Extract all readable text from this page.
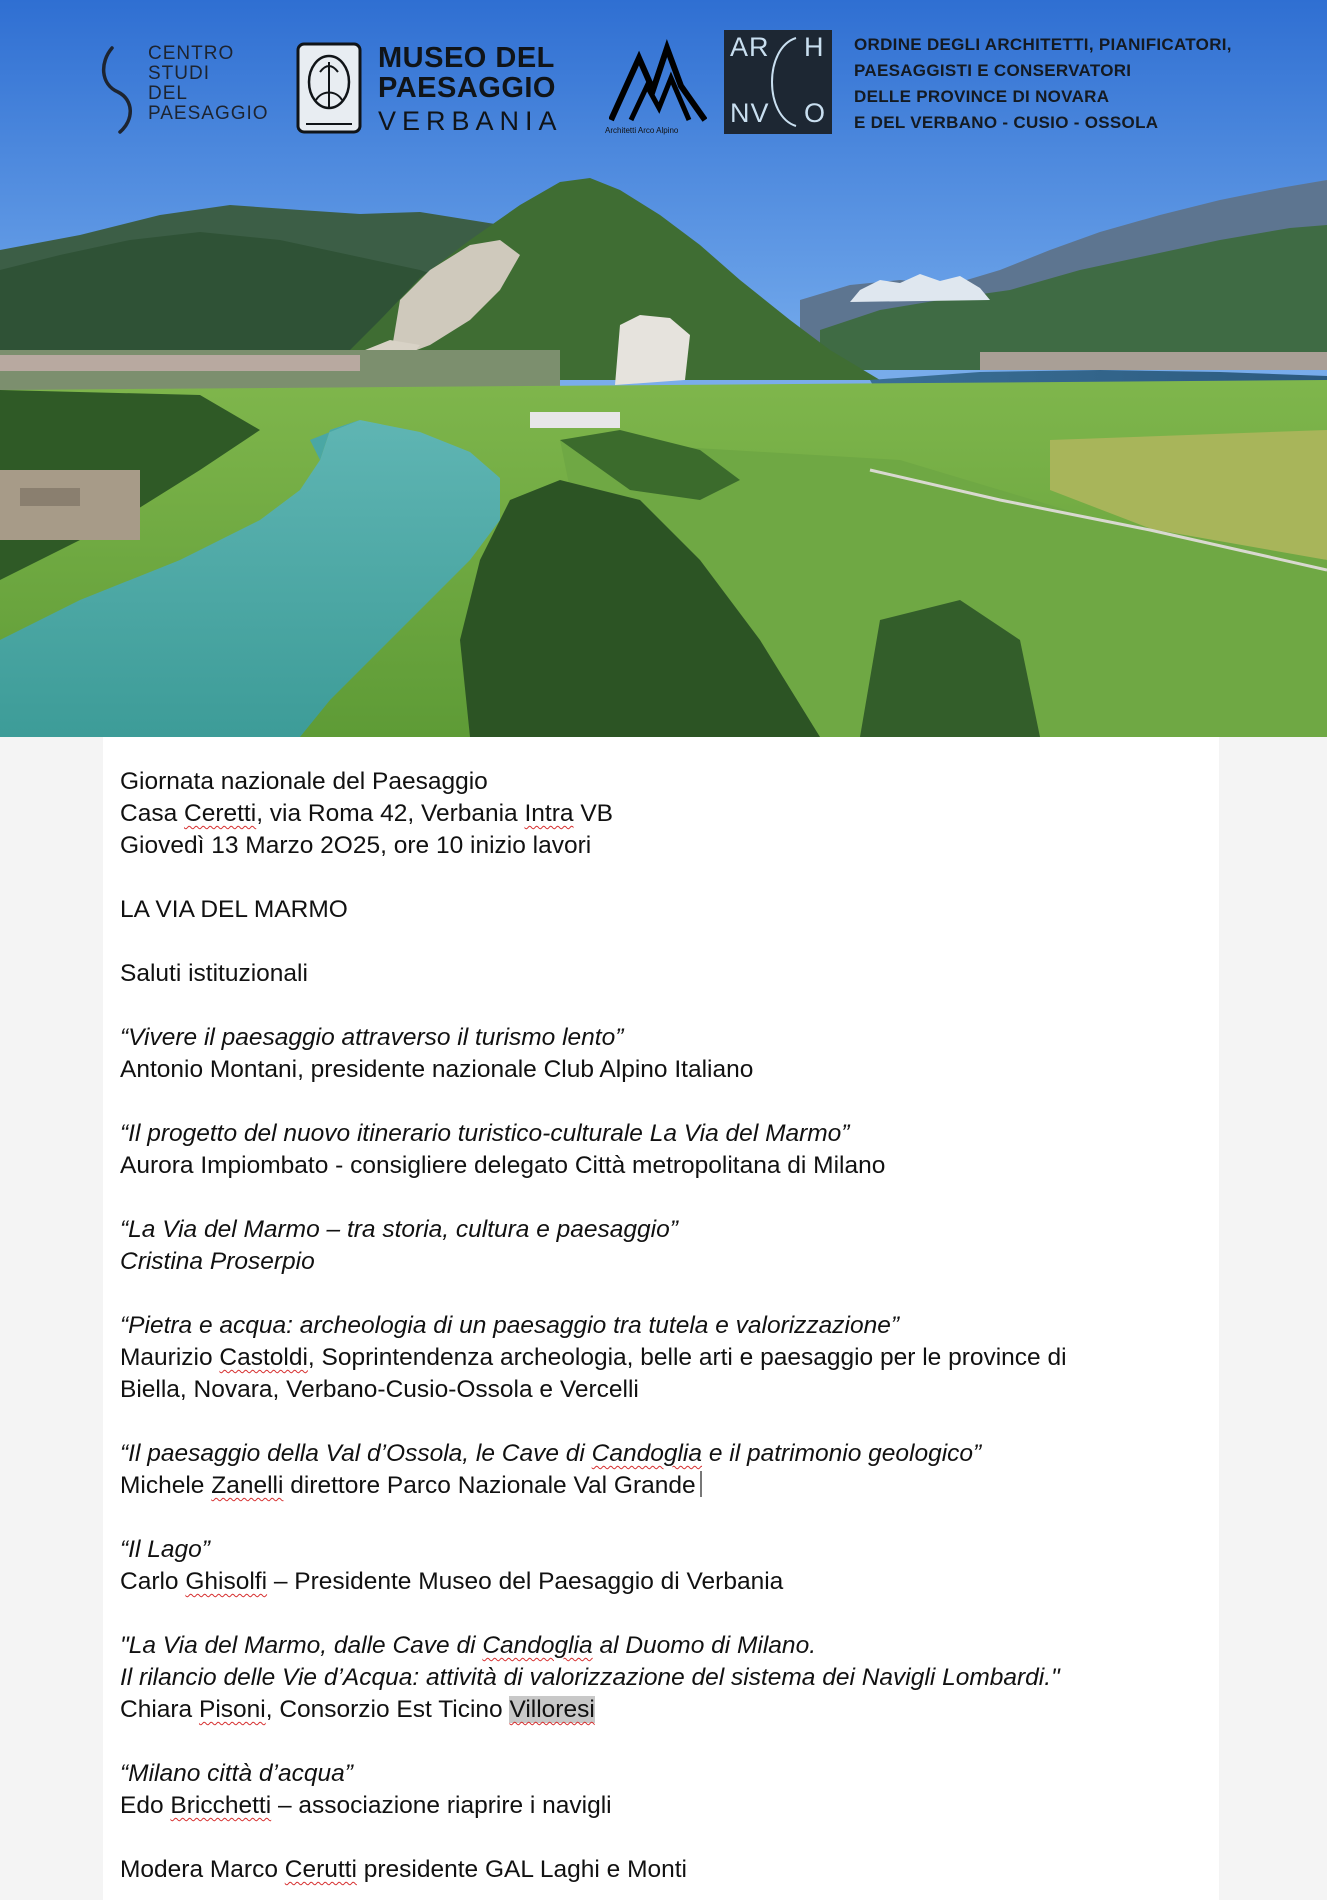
CENTRO
STUDI
DEL
PAESAGGIO
MUSEO DEL
PAESAGGIO
VERBANIA	Architetti Arco Alpino
AR H
NV O
ORDINE DEGLI ARCHITETTI, PIANIFICATORI,
PAESAGGISTI E CONSERVATORI
DELLE PROVINCE DI NOVARA
E DEL VERBANO - CUSIO - OSSOLA
Giornata nazionale del Paesaggio
Casa Ceretti, via Roma 42, Verbania Intra VB
Giovedì 13 Marzo 2O25, ore 10 inizio lavori
LA VIA DEL MARMO
Saluti istituzionali
“Vivere il paesaggio attraverso il turismo lento”
Antonio Montani, presidente nazionale Club Alpino Italiano
“Il progetto del nuovo itinerario turistico-culturale La Via del Marmo”
Aurora Impiombato - consigliere delegato Città metropolitana di Milano
“La Via del Marmo – tra storia, cultura e paesaggio”
Cristina Proserpio
“Pietra e acqua: archeologia di un paesaggio tra tutela e valorizzazione”
Maurizio Castoldi, Soprintendenza archeologia, belle arti e paesaggio per le province di
Biella, Novara, Verbano-Cusio-Ossola e Vercelli
“Il paesaggio della Val d’Ossola, le Cave di Candoglia e il patrimonio geologico”
Michele Zanelli direttore Parco Nazionale Val Grande
“Il Lago”
Carlo Ghisolfi – Presidente Museo del Paesaggio di Verbania
"La Via del Marmo, dalle Cave di Candoglia al Duomo di Milano.
Il rilancio delle Vie d’Acqua: attività di valorizzazione del sistema dei Navigli Lombardi."
Chiara Pisoni, Consorzio Est Ticino Villoresi
“Milano città d’acqua”
Edo Bricchetti – associazione riaprire i navigli
Modera Marco Cerutti presidente GAL Laghi e Monti
